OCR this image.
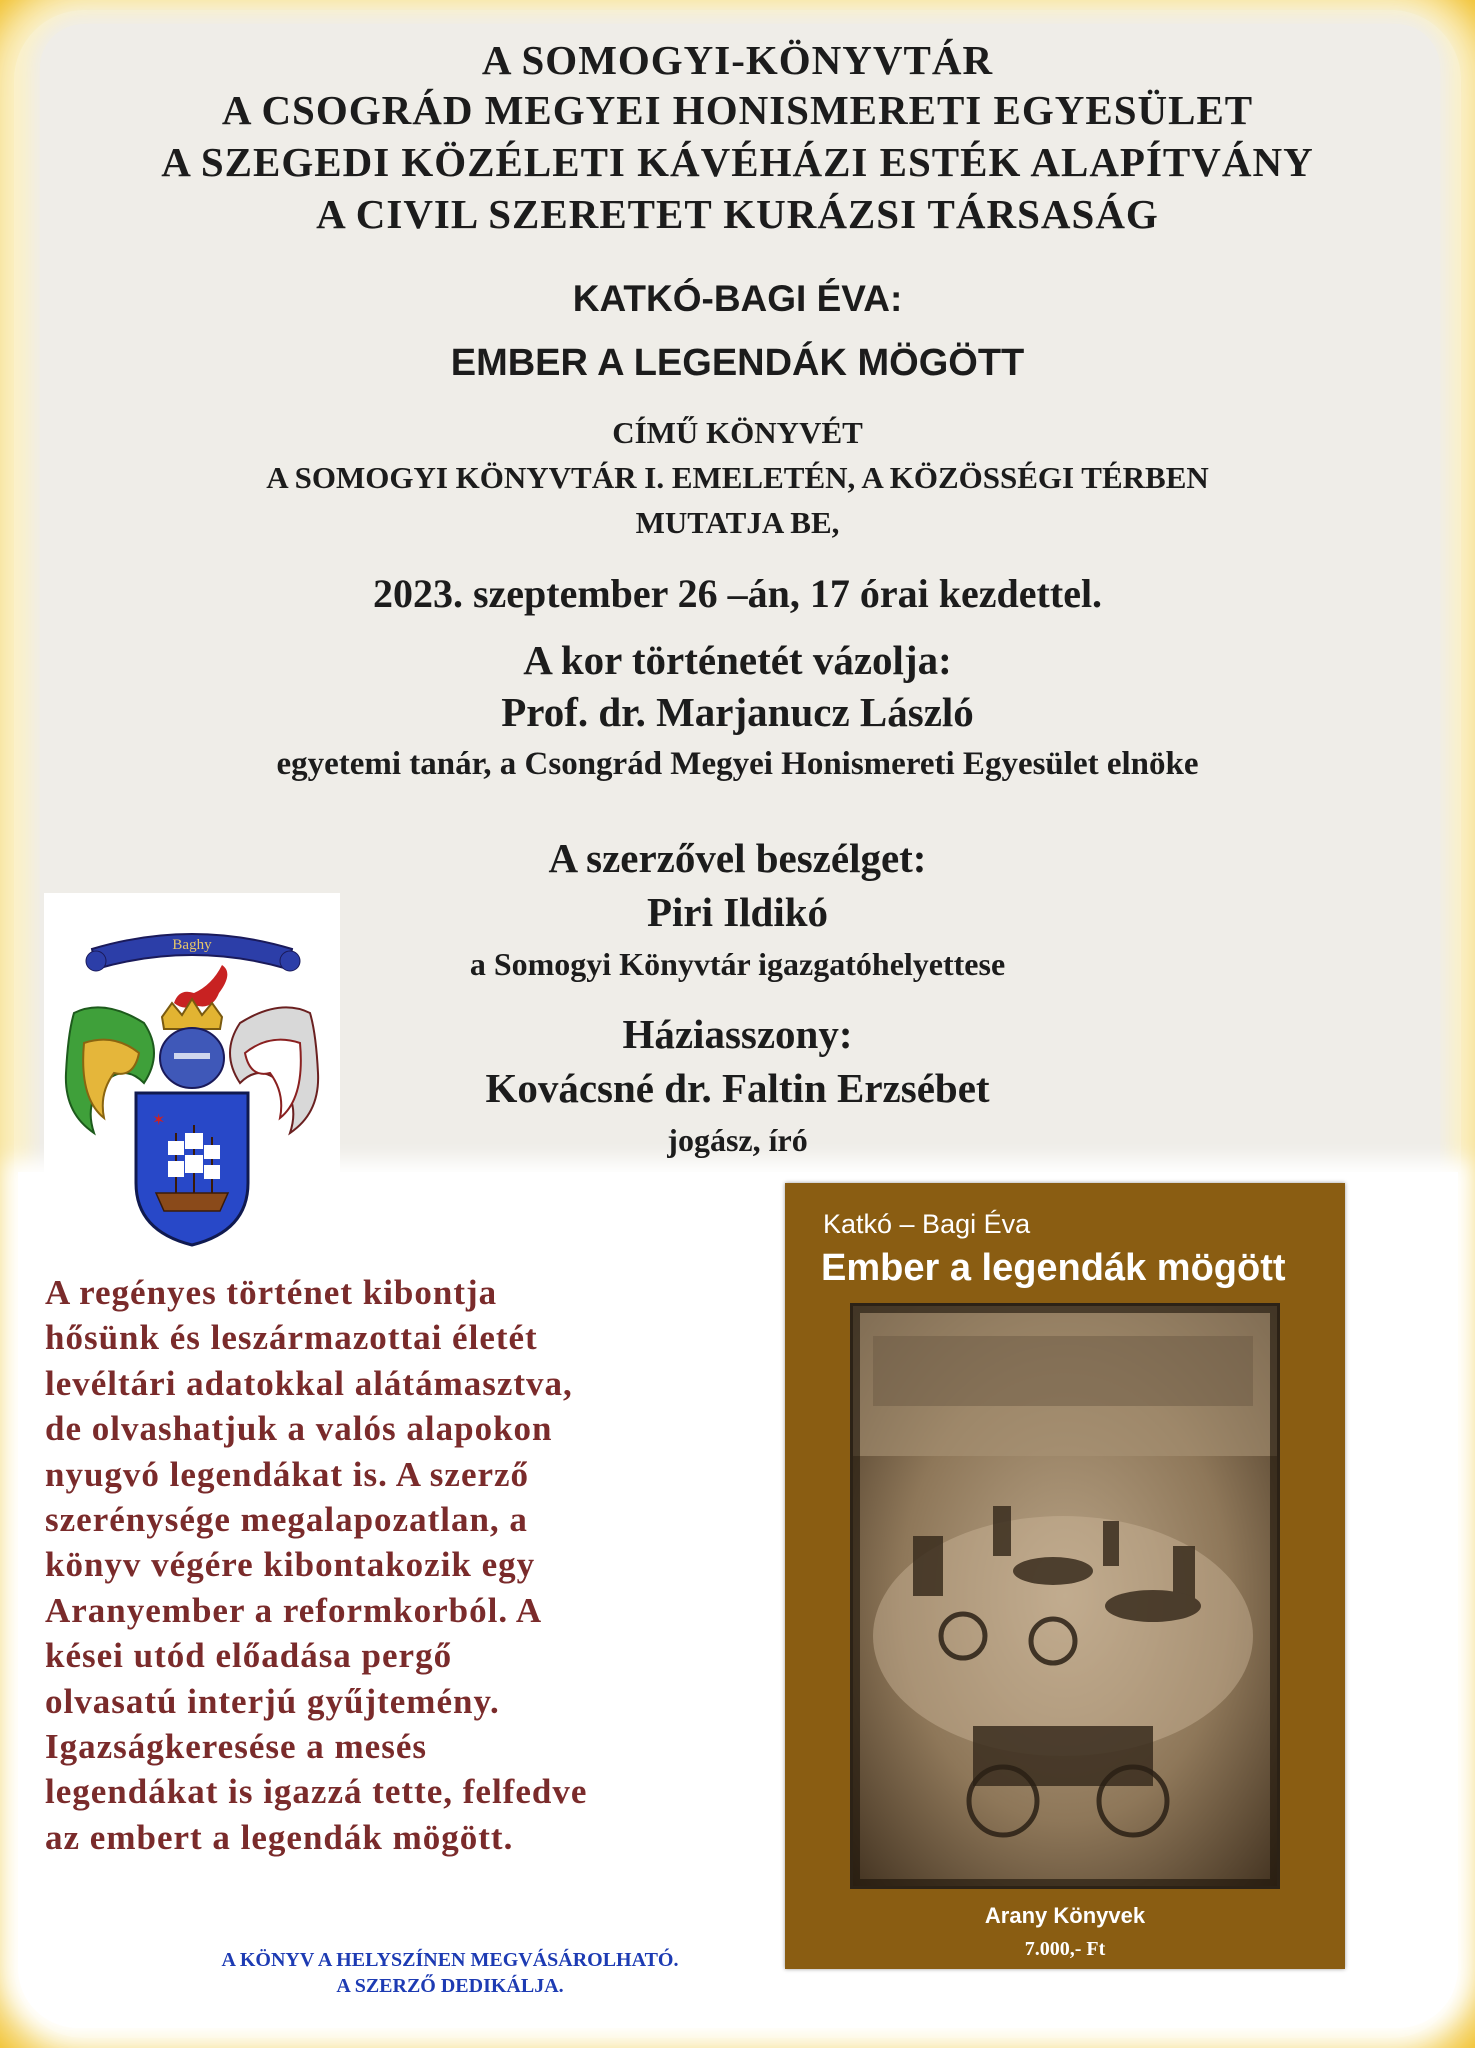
A SOMOGYI-KÖNYVTÁR
A CSOGRÁD MEGYEI HONISMERETI EGYESÜLET
A SZEGEDI KÖZÉLETI KÁVÉHÁZI ESTÉK ALAPÍTVÁNY
A CIVIL SZERETET KURÁZSI TÁRSASÁG
KATKÓ-BAGI ÉVA:
EMBER A LEGENDÁK MÖGÖTT
CÍMŰ KÖNYVÉT
A SOMOGYI KÖNYVTÁR I. EMELETÉN, A KÖZÖSSÉGI TÉRBEN
MUTATJA BE,
2023. szeptember 26 –án, 17 órai kezdettel.
A kor történetét vázolja:
Prof. dr. Marjanucz László
egyetemi tanár, a Csongrád Megyei Honismereti Egyesület elnöke
A szerzővel beszélget:
Piri Ildikó
a Somogyi Könyvtár igazgatóhelyettese
Háziasszony:
Kovácsné dr. Faltin Erzsébet
jogász, író
Baghy
✶
A regényes történet kibontja
hősünk és leszármazottai életét
levéltári adatokkal alátámasztva,
de olvashatjuk a valós alapokon
nyugvó legendákat is. A szerző
szerénysége megalapozatlan, a
könyv végére kibontakozik egy
Aranyember a reformkorból. A
kései utód előadása pergő
olvasatú interjú gyűjtemény.
Igazságkeresése a mesés
legendákat is igazzá tette, felfedve
az embert a legendák mögött.
Katkó – Bagi Éva
Ember a legendák mögött
Arany Könyvek
7.000,- Ft
A KÖNYV A HELYSZÍNEN MEGVÁSÁROLHATÓ.
A SZERZŐ DEDIKÁLJA.
